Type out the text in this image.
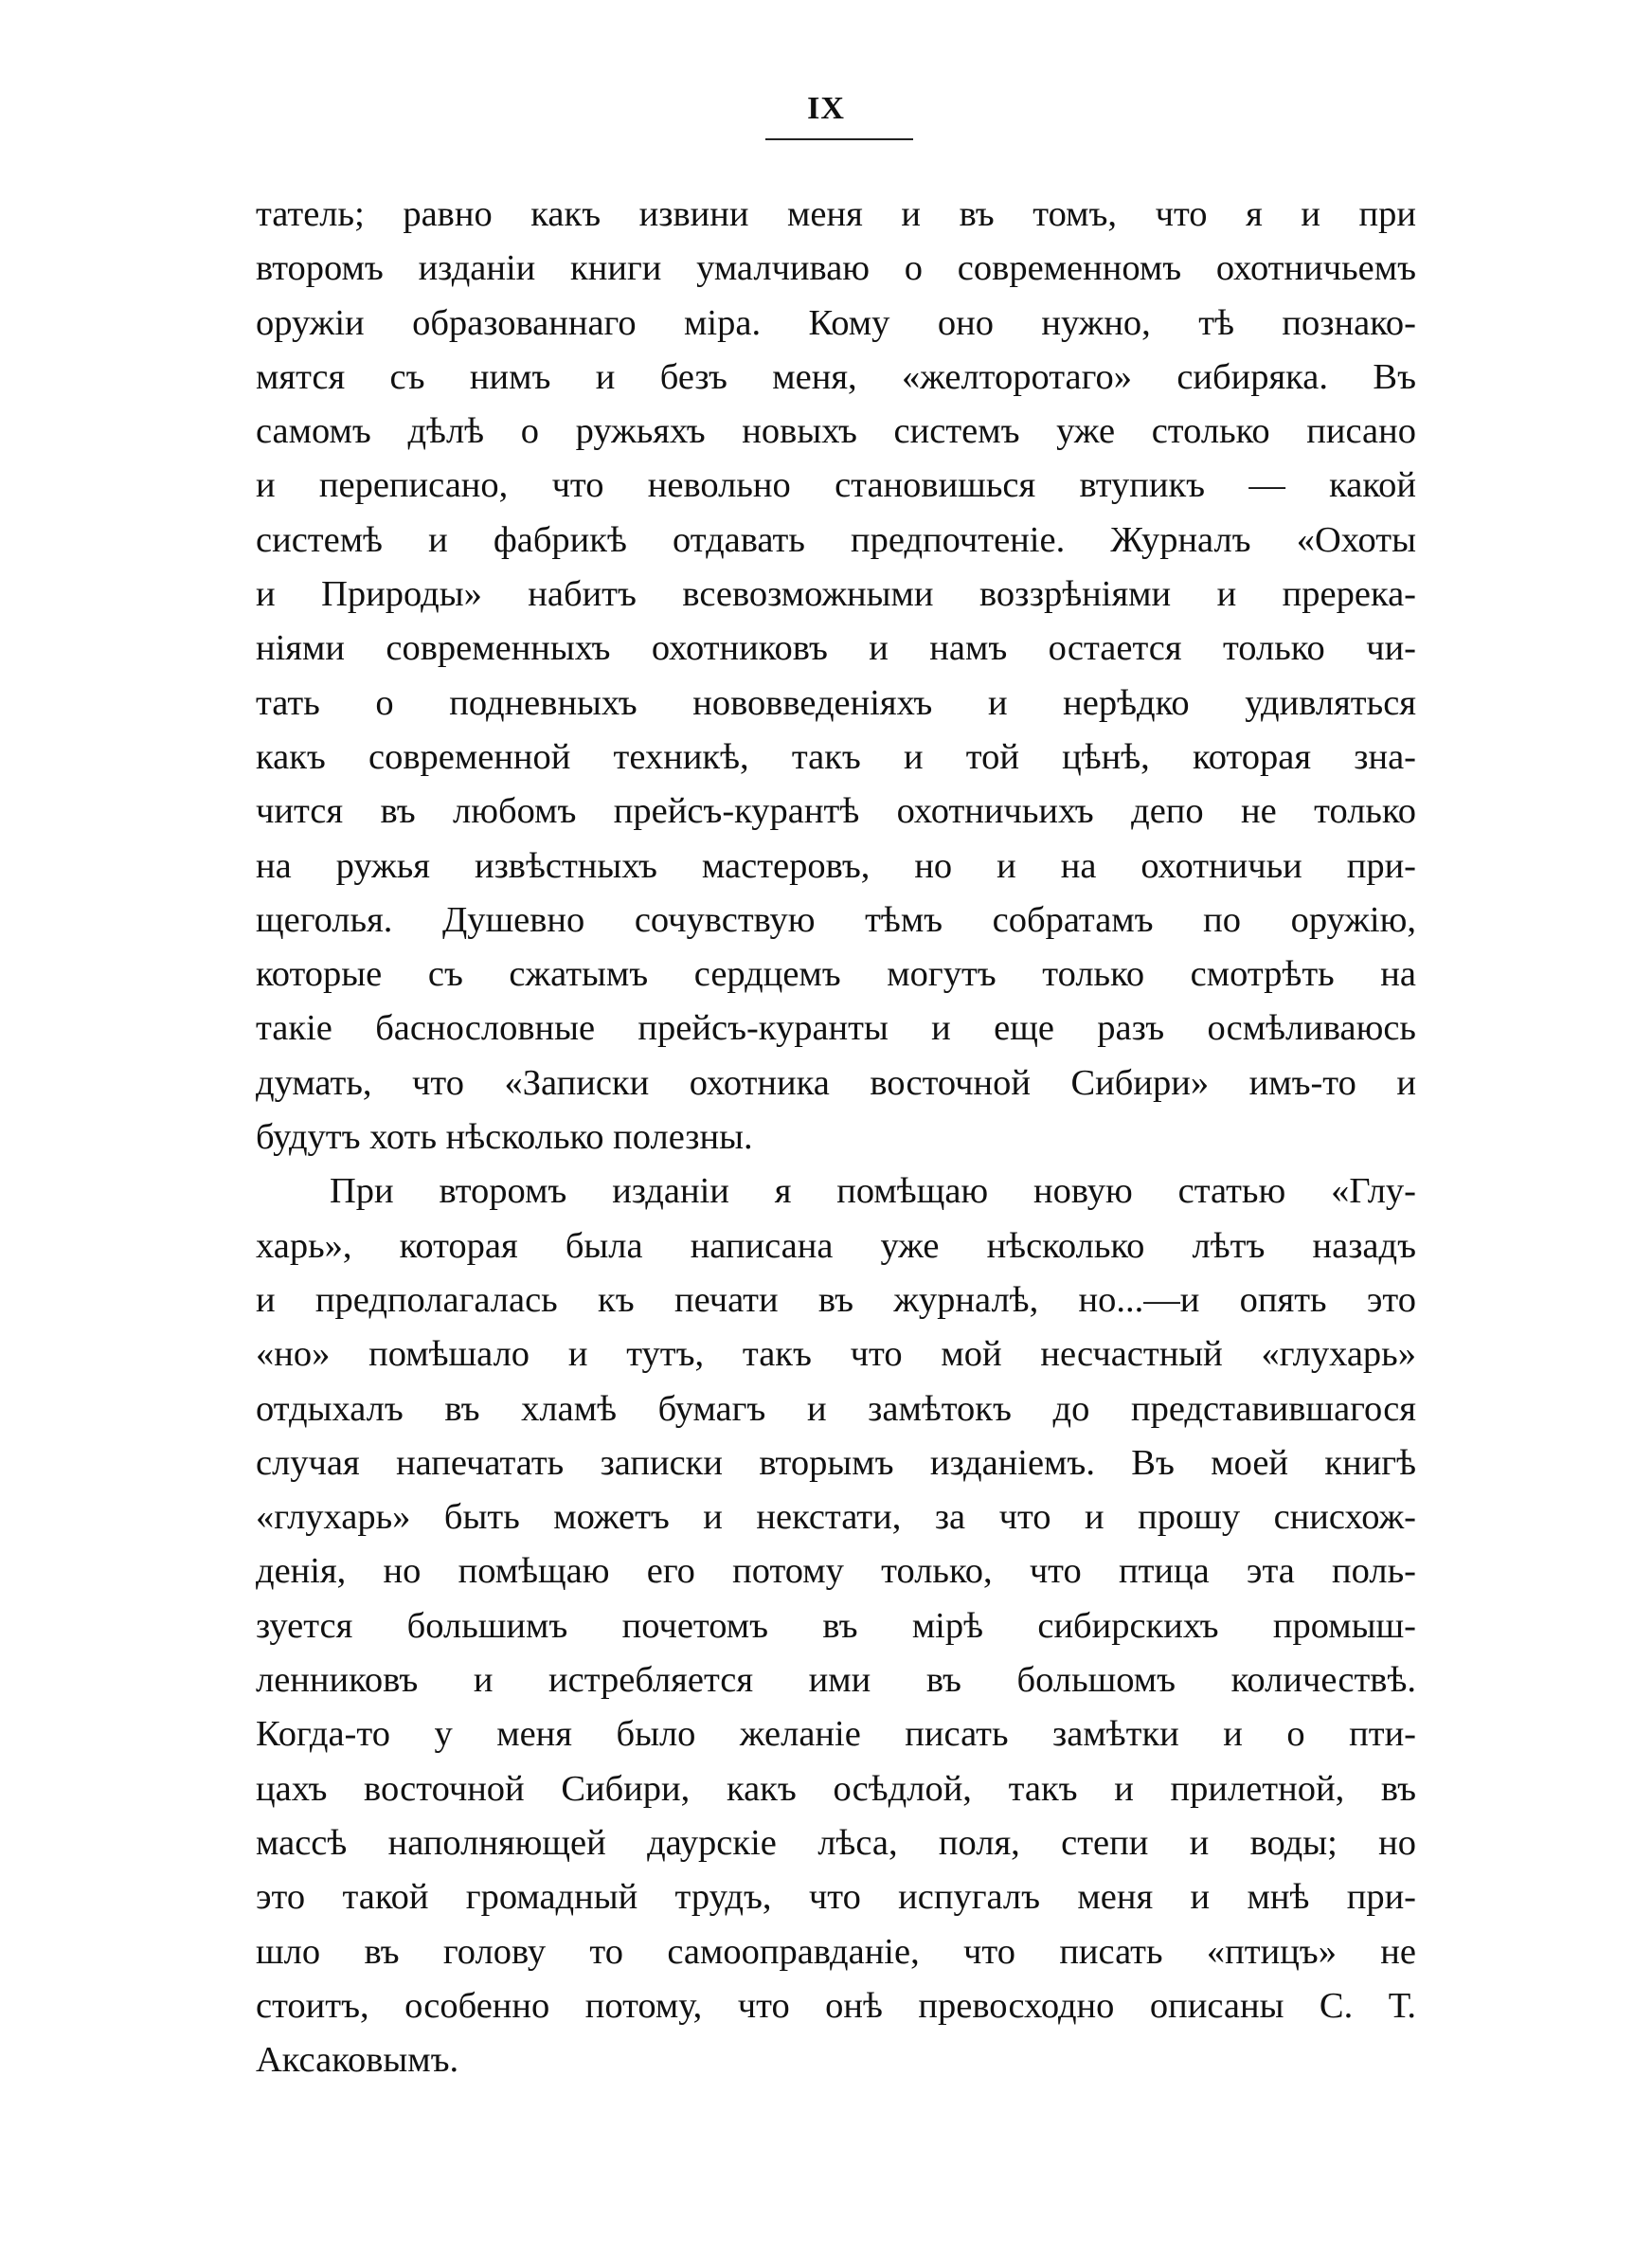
IX
татель; равно какъ извини меня и въ томъ, что я и при
второмъ изданіи книги умалчиваю о современномъ охотничьемъ
оружіи образованнаго міра. Кому оно нужно, тѣ познако-
мятся съ нимъ и безъ меня, «желторотаго» сибиряка. Въ
самомъ дѣлѣ о ружьяхъ новыхъ системъ уже столько писано
и переписано, что невольно становишься втупикъ — какой
системѣ и фабрикѣ отдавать предпочтеніе. Журналъ «Охоты
и Природы» набитъ всевозможными воззрѣніями и пререка-
ніями современныхъ охотниковъ и намъ остается только чи-
тать о подневныхъ нововведеніяхъ и нерѣдко удивляться
какъ современной техникѣ, такъ и той цѣнѣ, которая зна-
чится въ любомъ прейсъ-курантѣ охотничьихъ депо не только
на ружья извѣстныхъ мастеровъ, но и на охотничьи при-
щеголья. Душевно сочувствую тѣмъ собратамъ по оружію,
которые съ сжатымъ сердцемъ могутъ только смотрѣть на
такіе баснословные прейсъ-куранты и еще разъ осмѣливаюсь
думать, что «Записки охотника восточной Сибири» имъ-то и
будутъ хоть нѣсколько полезны.
При второмъ изданіи я помѣщаю новую статью «Глу-
харь», которая была написана уже нѣсколько лѣтъ назадъ
и предполагалась къ печати въ журналѣ, но...—и опять это
«но» помѣшало и тутъ, такъ что мой несчастный «глухарь»
отдыхалъ въ хламѣ бумагъ и замѣтокъ до представившагося
случая напечатать записки вторымъ изданіемъ. Въ моей книгѣ
«глухарь» быть можетъ и некстати, за что и прошу снисхож-
денія, но помѣщаю его потому только, что птица эта поль-
зуется большимъ почетомъ въ мірѣ сибирскихъ промыш-
ленниковъ и истребляется ими въ большомъ количествѣ.
Когда-то у меня было желаніе писать замѣтки и о пти-
цахъ восточной Сибири, какъ осѣдлой, такъ и прилетной, въ
массѣ наполняющей даурскіе лѣса, поля, степи и воды; но
это такой громадный трудъ, что испугалъ меня и мнѣ при-
шло въ голову то самооправданіе, что писать «птицъ» не
стоитъ, особенно потому, что онѣ превосходно описаны С. Т.
Аксаковымъ.
